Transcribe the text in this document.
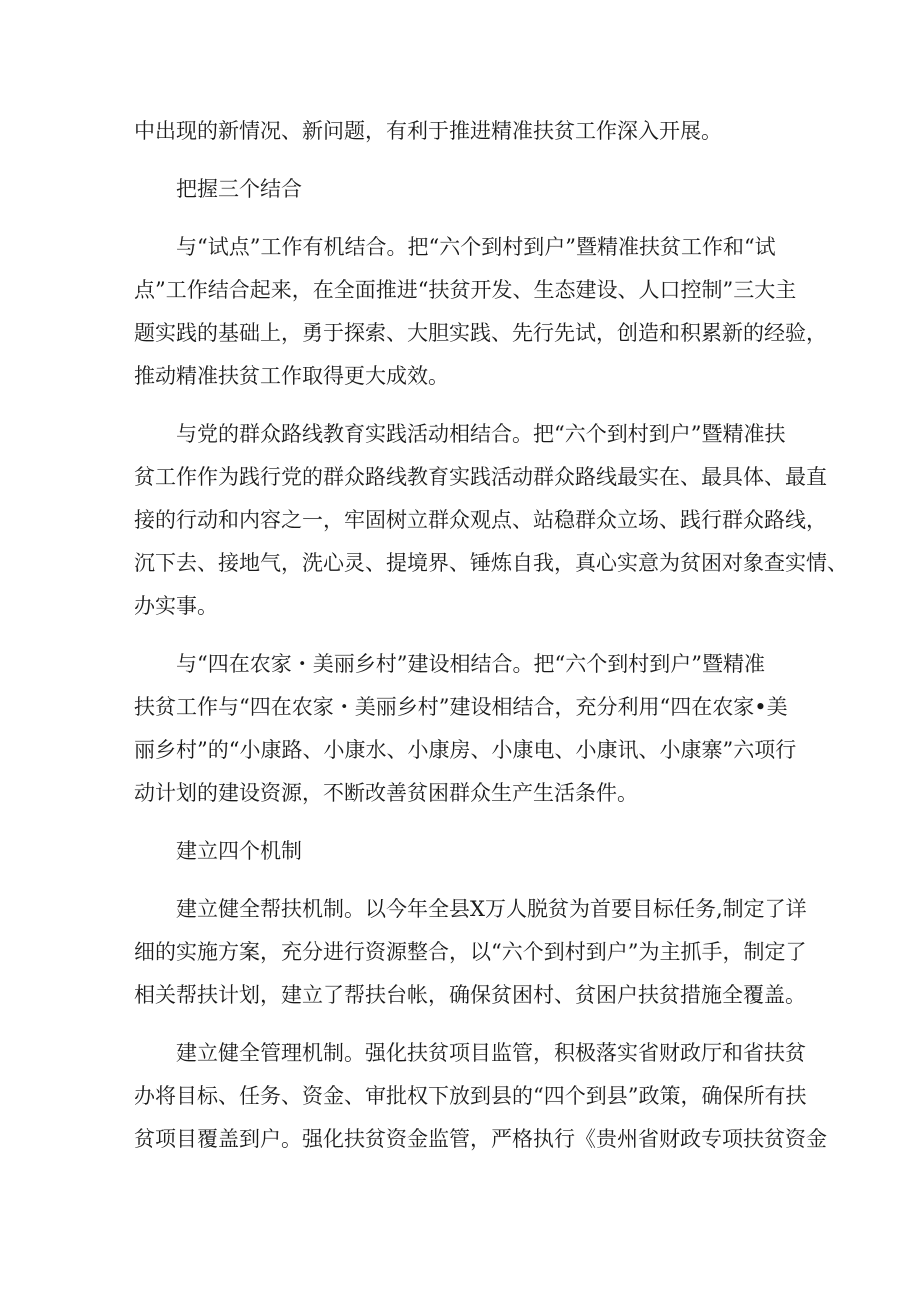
中出现的新情况、新问题，有利于推进精准扶贫工作深入开展。

把握三个结合

与“试点”工作有机结合。把“六个到村到户”暨精准扶贫工作和“试
点”工作结合起来，在全面推进“扶贫开发、生态建设、人口控制”三大主
题实践的基础上，勇于探索、大胆实践、先行先试，创造和积累新的经验，
推动精准扶贫工作取得更大成效。

与党的群众路线教育实践活动相结合。把“六个到村到户”暨精准扶
贫工作作为践行党的群众路线教育实践活动群众路线最实在、最具体、最直
接的行动和内容之一，牢固树立群众观点、站稳群众立场、践行群众路线，
沉下去、接地气，洗心灵、提境界、锤炼自我，真心实意为贫困对象查实情、
办实事。

与“四在农家・美丽乡村”建设相结合。把“六个到村到户”暨精准
扶贫工作与“四在农家・美丽乡村”建设相结合，充分利用“四在农家•美
丽乡村”的“小康路、小康水、小康房、小康电、小康讯、小康寨”六项行
动计划的建设资源，不断改善贫困群众生产生活条件。

建立四个机制

建立健全帮扶机制。以今年全县X万人脱贫为首要目标任务,制定了详
细的实施方案，充分进行资源整合，以“六个到村到户”为主抓手，制定了
相关帮扶计划，建立了帮扶台帐，确保贫困村、贫困户扶贫措施全覆盖。

建立健全管理机制。强化扶贫项目监管，积极落实省财政厅和省扶贫
办将目标、任务、资金、审批权下放到县的“四个到县”政策，确保所有扶
贫项目覆盖到户。强化扶贫资金监管，严格执行《贵州省财政专项扶贫资金
